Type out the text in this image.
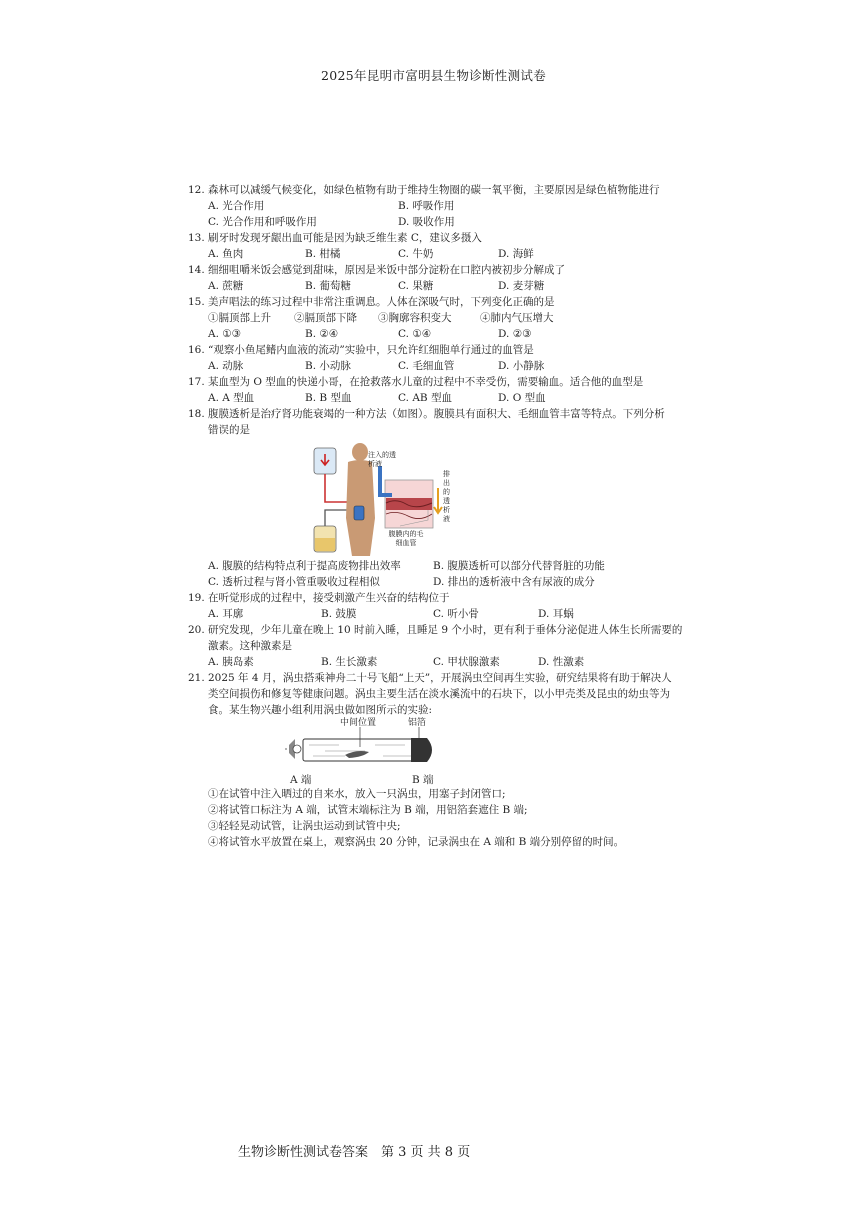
2025年昆明市富明县生物诊断性测试卷
12. 森林可以减缓气候变化，如绿色植物有助于维持生物圈的碳一氧平衡，主要原因是绿色植物能进行
A. 光合作用	B. 呼吸作用
C. 光合作用和呼吸作用	D. 吸收作用
13. 刷牙时发现牙龈出血可能是因为缺乏维生素 C，建议多摄入
A. 鱼肉	B. 柑橘	C. 牛奶	D. 海鲜
14. 细细咀嚼米饭会感觉到甜味，原因是米饭中部分淀粉在口腔内被初步分解成了
A. 蔗糖	B. 葡萄糖	C. 果糖	D. 麦芽糖
15. 美声唱法的练习过程中非常注重调息。人体在深吸气时，下列变化正确的是
①膈顶部上升 ②膈顶部下降 ③胸廓容积变大	④肺内气压增大
A. ①③	B. ②④	C. ①④	D. ②③
16. “观察小鱼尾鳍内血液的流动”实验中，只允许红细胞单行通过的血管是
A. 动脉	B. 小动脉	C. 毛细血管	D. 小静脉
17. 某血型为 O 型血的快递小哥，在抢救落水儿童的过程中不幸受伤，需要输血。适合他的血型是
A. A 型血	B. B 型血	C. AB 型血	D. O 型血
18. 腹膜透析是治疗肾功能衰竭的一种方法（如图）。腹膜具有面积大、毛细血管丰富等特点。下列分析
错误的是
注入的透析液
排出的透析液
腹膜内的毛细血管
A. 腹膜的结构特点利于提高废物排出效率	B. 腹膜透析可以部分代替肾脏的功能
C. 透析过程与肾小管重吸收过程相似	D. 排出的透析液中含有尿液的成分
19. 在听觉形成的过程中，接受刺激产生兴奋的结构位于
A. 耳廓	B. 鼓膜	C. 听小骨	D. 耳蜗
20. 研究发现，少年儿童在晚上 10 时前入睡，且睡足 9 个小时，更有利于垂体分泌促进人体生长所需要的
激素。这种激素是
A. 胰岛素	B. 生长激素	C. 甲状腺激素	D. 性激素
21. 2025 年 4 月，涡虫搭乘神舟二十号飞船“上天”，开展涡虫空间再生实验，研究结果将有助于解决人
类空间损伤和修复等健康问题。涡虫主要生活在淡水溪流中的石块下，以小甲壳类及昆虫的幼虫等为
食。某生物兴趣小组利用涡虫做如图所示的实验:
中间位置	铝箔
A 端	B 端
①在试管中注入晒过的自来水，放入一只涡虫，用塞子封闭管口;
②将试管口标注为 A 端，试管末端标注为 B 端，用铝箔套遮住 B 端;
③轻轻晃动试管，让涡虫运动到试管中央;
④将试管水平放置在桌上，观察涡虫 20 分钟，记录涡虫在 A 端和 B 端分别停留的时间。
生物诊断性测试卷答案　第 3 页 共 8 页
